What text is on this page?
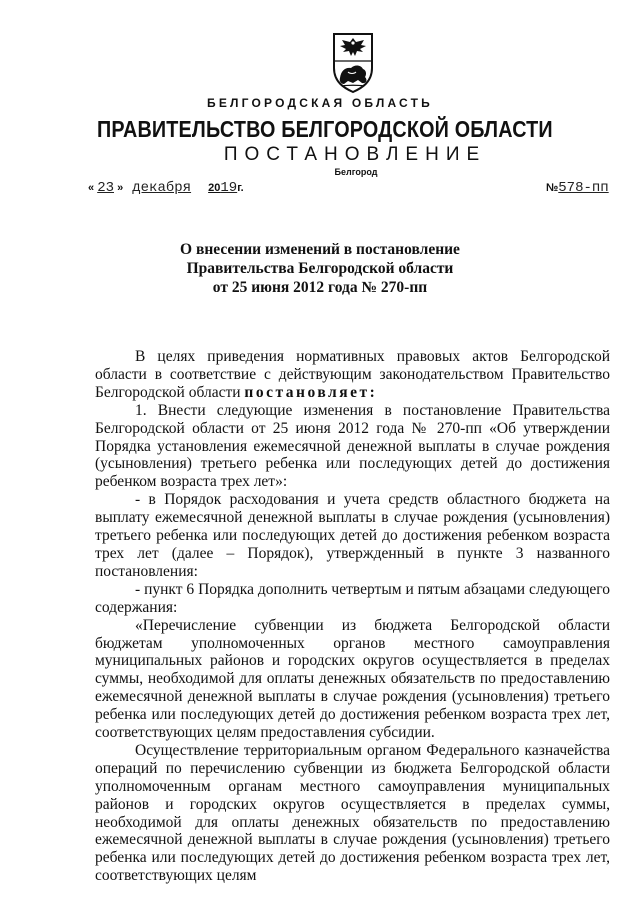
БЕЛГОРОДСКАЯ ОБЛАСТЬ
ПРАВИТЕЛЬСТВО БЕЛГОРОДСКОЙ ОБЛАСТИ
ПОСТАНОВЛЕНИЕ
Белгород
« 23 » декабря 2019г.	№578-пп
О внесении изменений в постановление
Правительства Белгородской области
от 25 июня 2012 года № 270-пп

В целях приведения нормативных правовых актов Белгородской области в соответствие с действующим законодательством Правительство Белгородской области постановляет:

1. Внести следующие изменения в постановление Правительства Белгородской области от 25 июня 2012 года № 270-пп «Об утверждении Порядка установления ежемесячной денежной выплаты в случае рождения (усыновления) третьего ребенка или последующих детей до достижения ребенком возраста трех лет»:

- в Порядок расходования и учета средств областного бюджета на выплату ежемесячной денежной выплаты в случае рождения (усыновления) третьего ребенка или последующих детей до достижения ребенком возраста трех лет (далее – Порядок), утвержденный в пункте 3 названного постановления:

- пункт 6 Порядка дополнить четвертым и пятым абзацами следующего содержания:

«Перечисление субвенции из бюджета Белгородской области бюджетам уполномоченных органов местного самоуправления муниципальных районов и городских округов осуществляется в пределах суммы, необходимой для оплаты денежных обязательств по предоставлению ежемесячной денежной выплаты в случае рождения (усыновления) третьего ребенка или последующих детей до достижения ребенком возраста трех лет, соответствующих целям предоставления субсидии.

Осуществление территориальным органом Федерального казначейства операций по перечислению субвенции из бюджета Белгородской области уполномоченным органам местного самоуправления муниципальных районов и городских округов осуществляется в пределах суммы, необходимой для оплаты денежных обязательств по предоставлению ежемесячной денежной выплаты в случае рождения (усыновления) третьего ребенка или последующих детей до достижения ребенком возраста трех лет, соответствующих целям
